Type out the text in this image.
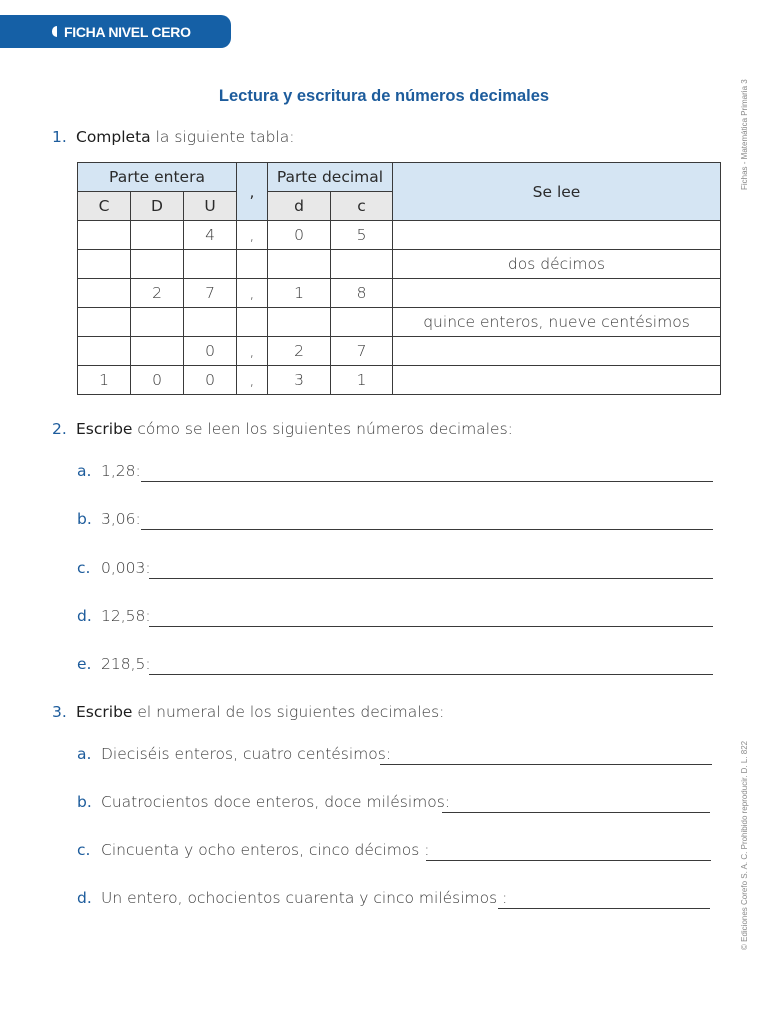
FICHA NIVEL CERO
Fichas - Matemática Primaria 3
© Ediciones Corefo S. A. C. Prohibido reproducir. D. L. 822
Lectura y escritura de números decimales
1. Completa la siguiente tabla:
Parte entera			,	Parte decimal		Se lee
C	D	U		d	c	
		4	,	0	5	
						dos décimos
	2	7	,	1	8	
						quince enteros, nueve centésimos
		0	,	2	7	
1	0	0	,	3	1	
2. Escribe cómo se leen los siguientes números decimales:
a. 1,28:
b. 3,06:
c. 0,003:
d. 12,58:
e. 218,5:
3. Escribe el numeral de los siguientes decimales:
a. Dieciséis enteros, cuatro centésimos:
b. Cuatrocientos doce enteros, doce milésimos:
c. Cincuenta y ocho enteros, cinco décimos :
d. Un entero, ochocientos cuarenta y cinco milésimos :
